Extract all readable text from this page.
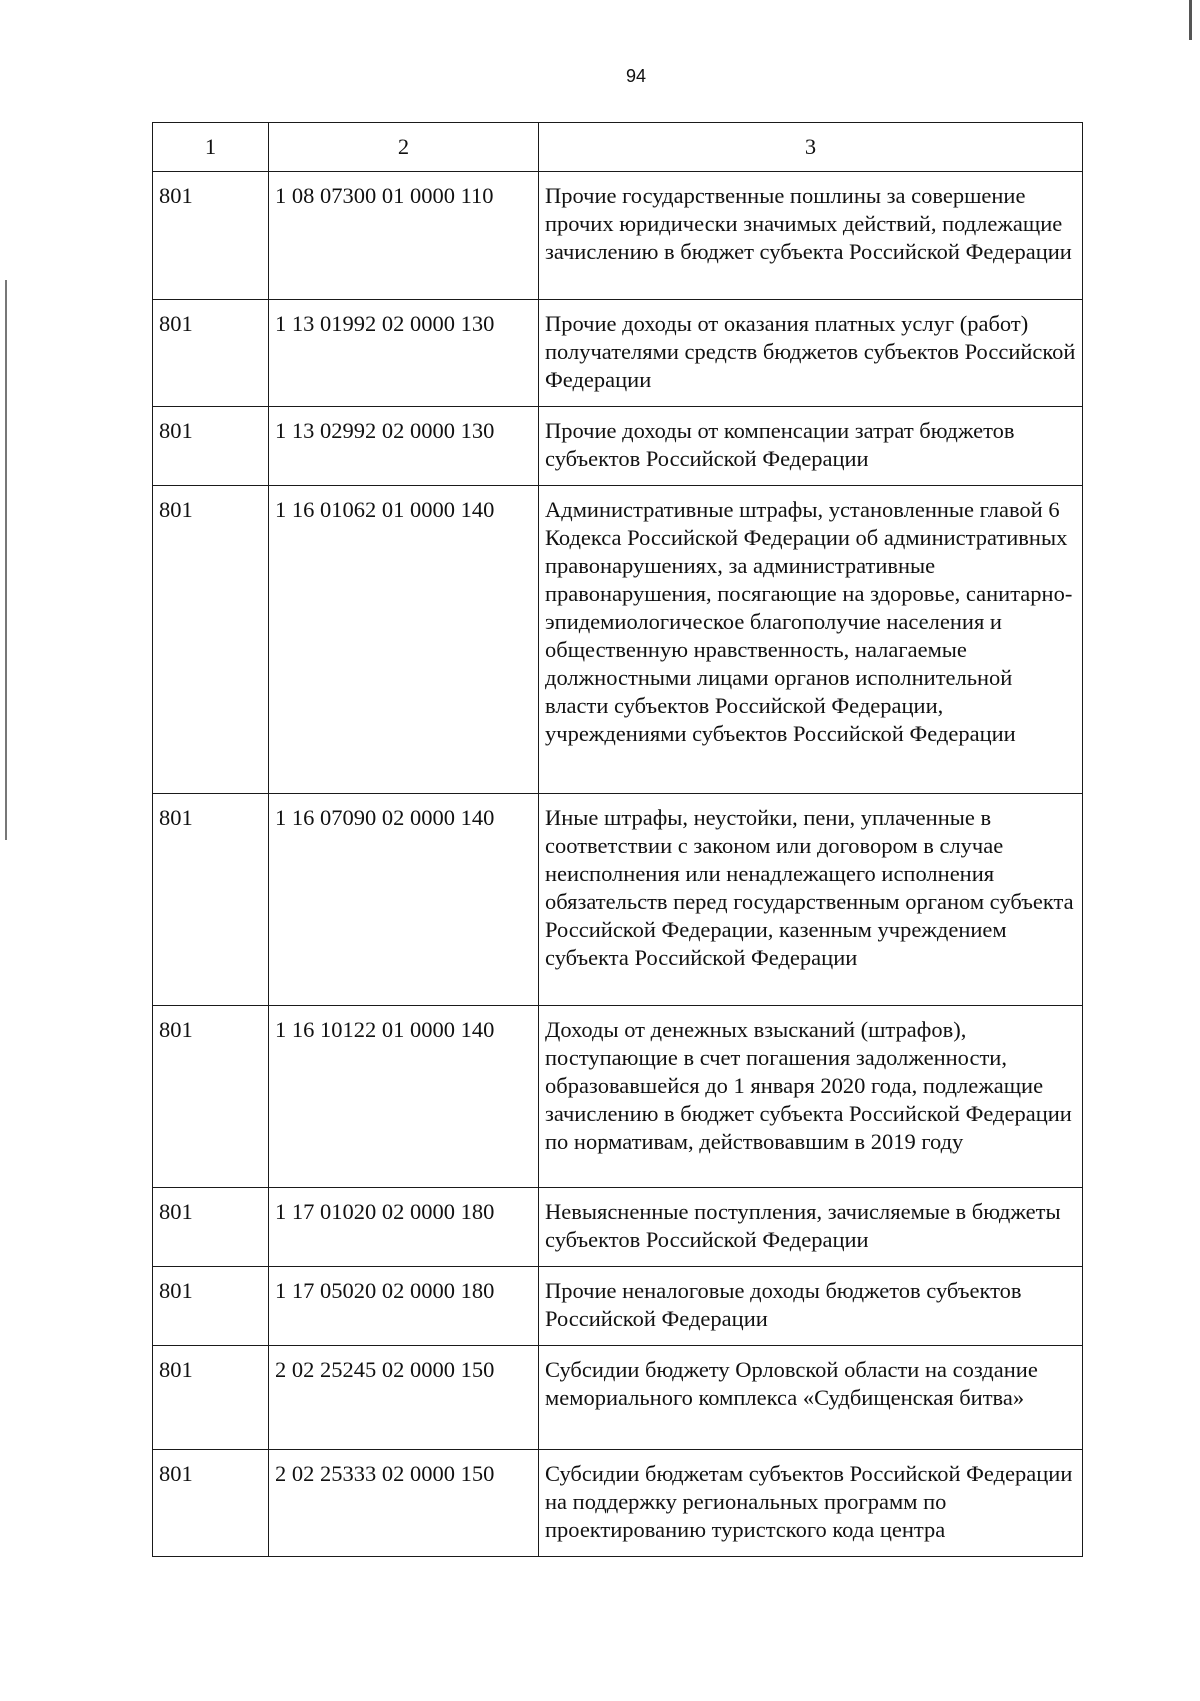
94
1	2	3
801	1 08 07300 01 0000 110	Прочие государственные пошлины за совершение прочих юридически значимых действий, подлежащие зачислению в бюджет субъекта Российской Федерации
801	1 13 01992 02 0000 130	Прочие доходы от оказания платных услуг (работ) получателями средств бюджетов субъектов Российской Федерации
801	1 13 02992 02 0000 130	Прочие доходы от компенсации затрат бюджетов субъектов Российской Федерации
801	1 16 01062 01 0000 140	Административные штрафы, установленные главой 6 Кодекса Российской Федерации об административных правонарушениях, за административные правонарушения, посягающие на здоровье, санитарно-эпидемиологическое благополучие населения и общественную нравственность, налагаемые должностными лицами органов исполнительной власти субъектов Российской Федерации, учреждениями субъектов Российской Федерации
801	1 16 07090 02 0000 140	Иные штрафы, неустойки, пени, уплаченные в соответствии с законом или договором в случае неисполнения или ненадлежащего исполнения обязательств перед государственным органом субъекта Российской Федерации, казенным учреждением субъекта Российской Федерации
801	1 16 10122 01 0000 140	Доходы от денежных взысканий (штрафов), поступающие в счет погашения задолженности, образовавшейся до 1 января 2020 года, подлежащие зачислению в бюджет субъекта Российской Федерации по нормативам, действовавшим в 2019 году
801	1 17 01020 02 0000 180	Невыясненные поступления, зачисляемые в бюджеты субъектов Российской Федерации
801	1 17 05020 02 0000 180	Прочие неналоговые доходы бюджетов субъектов Российской Федерации
801	2 02 25245 02 0000 150	Субсидии бюджету Орловской области на создание мемориального комплекса «Судбищенская битва»
801	2 02 25333 02 0000 150	Субсидии бюджетам субъектов Российской Федерации на поддержку региональных программ по проектированию туристского кода центра
